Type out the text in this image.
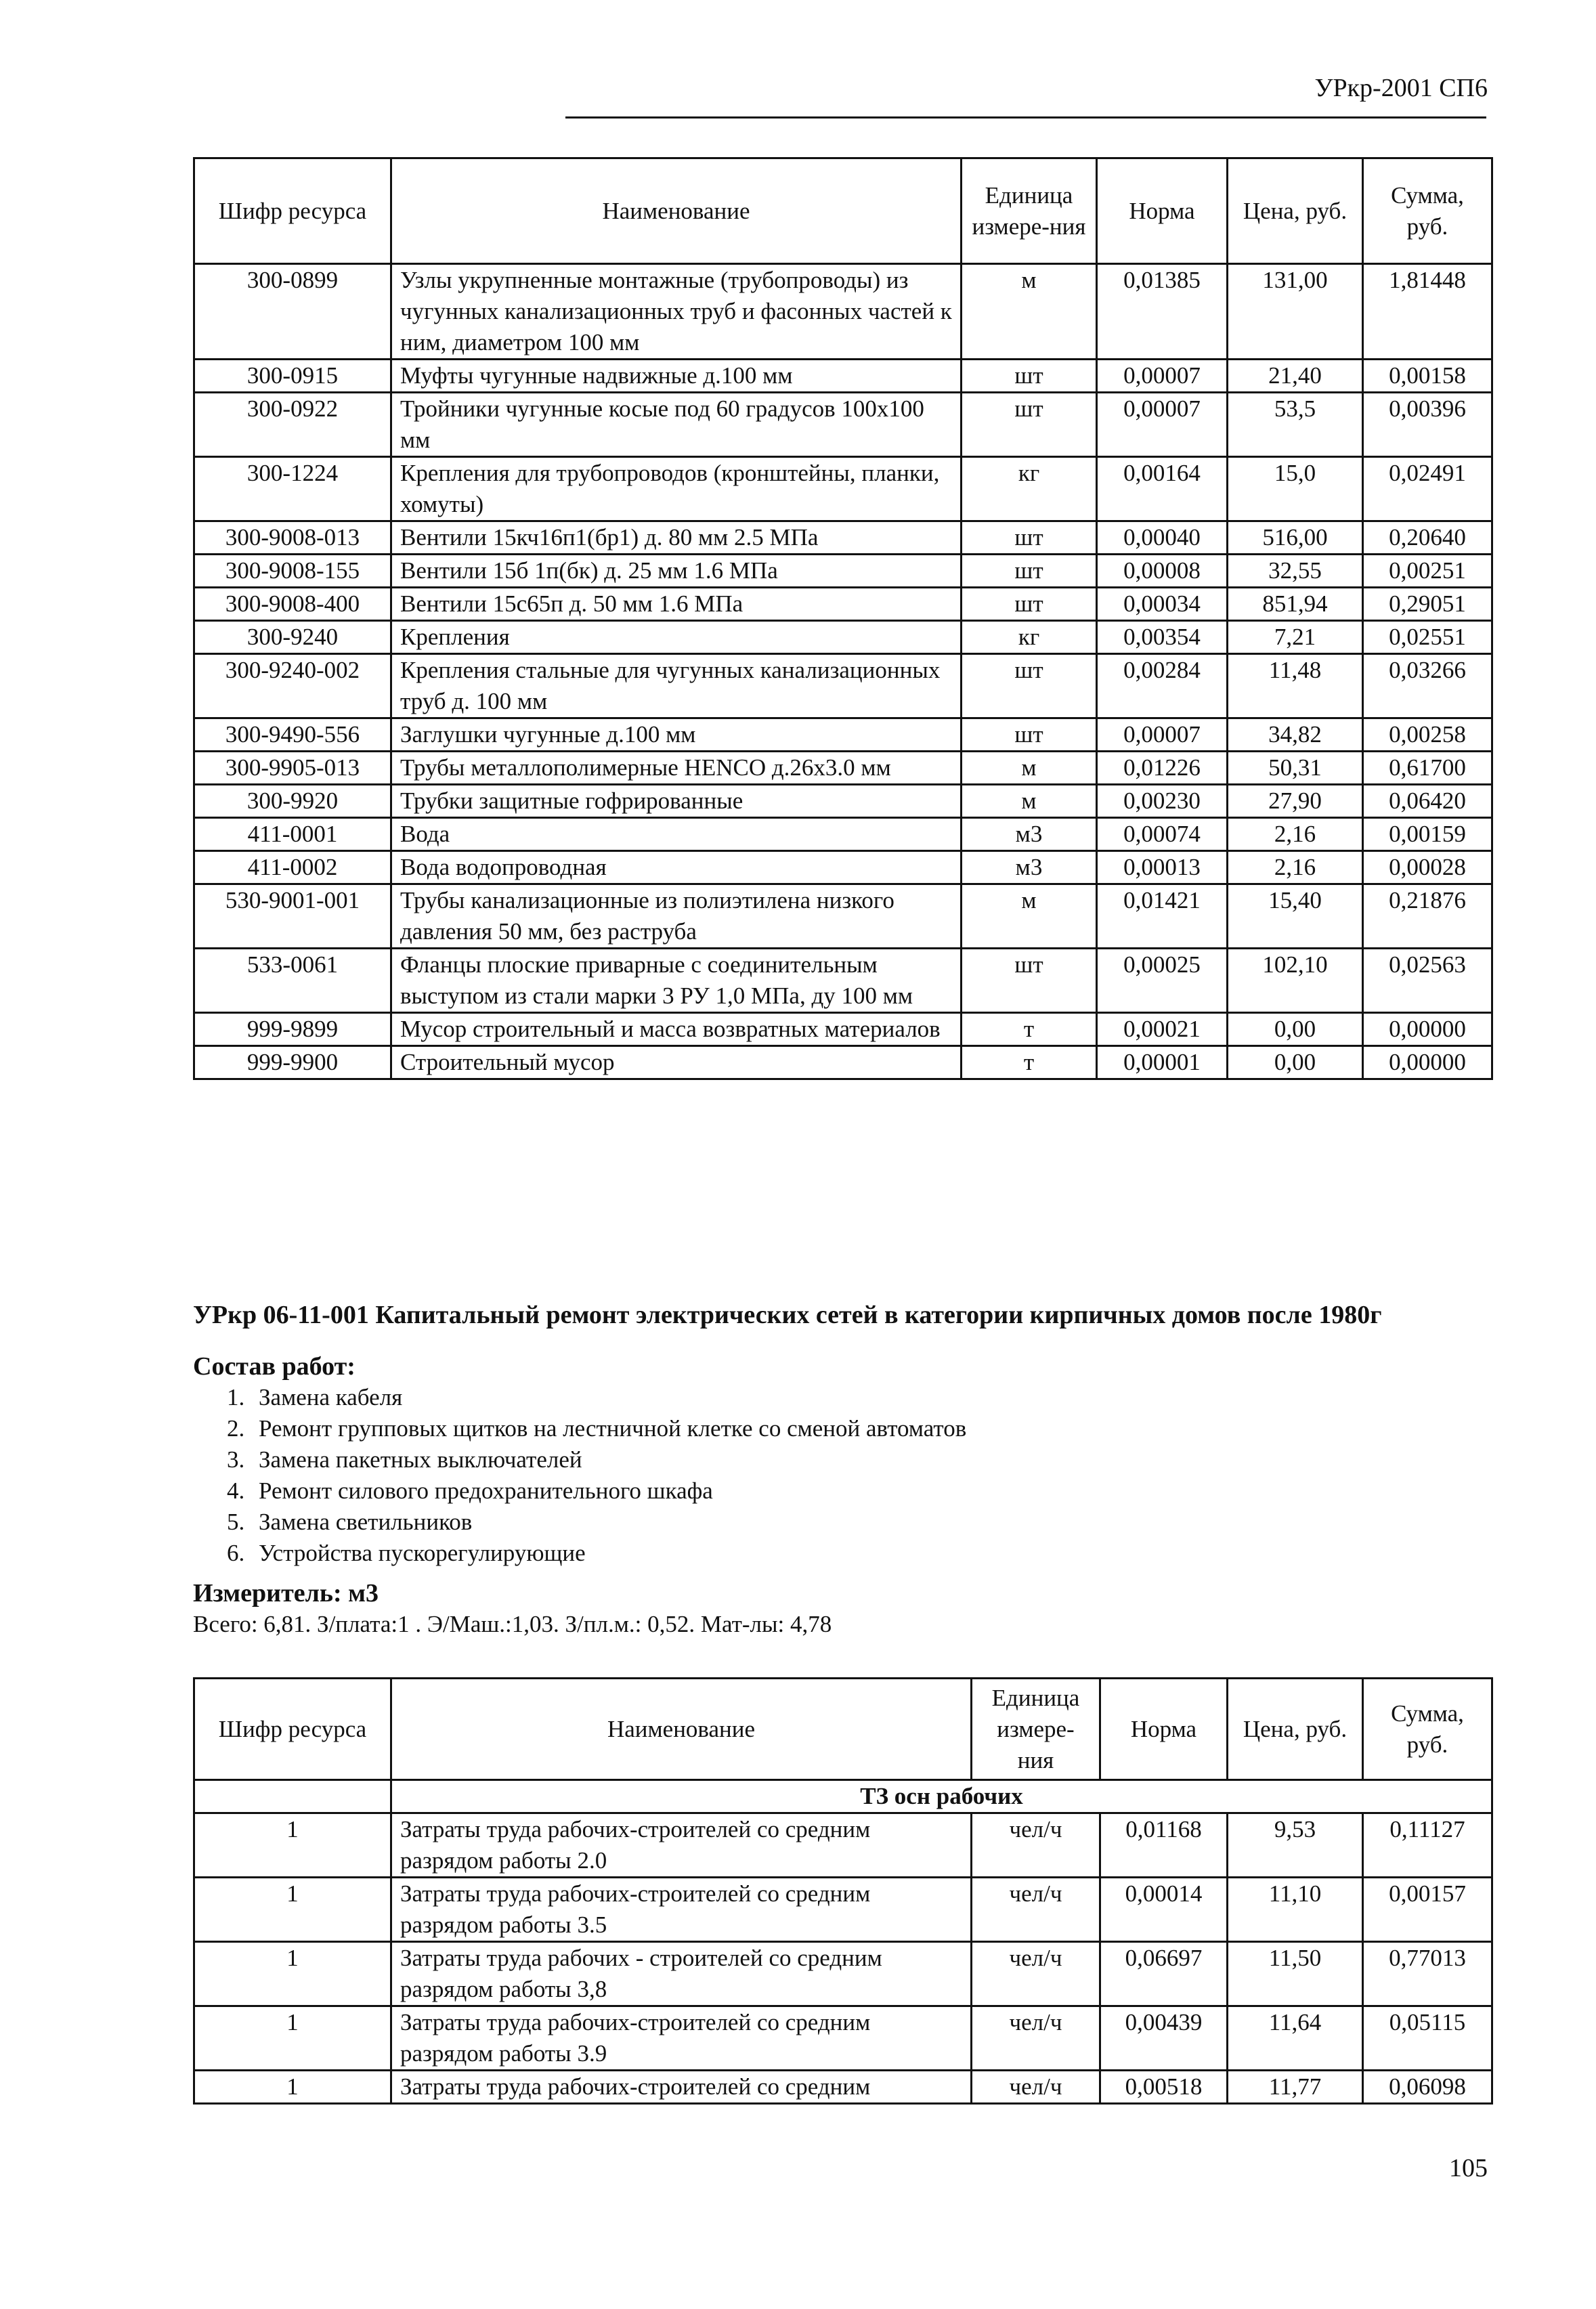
УРкр-2001 СП6
Шифр ресурса	Наименование	Единица измере-ния	Норма	Цена, руб.	Сумма, руб.
300-0899	Узлы укрупненные монтажные (трубопроводы) из чугунных канализационных труб и фасонных частей к ним, диаметром 100 мм	м	0,01385	131,00	1,81448
300-0915	Муфты чугунные надвижные д.100 мм	шт	0,00007	21,40	0,00158
300-0922	Тройники чугунные косые под 60 градусов 100х100 мм	шт	0,00007	53,5	0,00396
300-1224	Крепления для трубопроводов (кронштейны, планки, хомуты)	кг	0,00164	15,0	0,02491
300-9008-013	Вентили 15кч16п1(бр1) д. 80 мм 2.5 МПа	шт	0,00040	516,00	0,20640
300-9008-155	Вентили 15б 1п(бк) д. 25 мм 1.6 МПа	шт	0,00008	32,55	0,00251
300-9008-400	Вентили 15с65п д. 50 мм 1.6 МПа	шт	0,00034	851,94	0,29051
300-9240	Крепления	кг	0,00354	7,21	0,02551
300-9240-002	Крепления стальные для чугунных канализационных труб д. 100 мм	шт	0,00284	11,48	0,03266
300-9490-556	Заглушки чугунные д.100 мм	шт	0,00007	34,82	0,00258
300-9905-013	Трубы металлополимерные HENCO д.26х3.0 мм	м	0,01226	50,31	0,61700
300-9920	Трубки защитные гофрированные	м	0,00230	27,90	0,06420
411-0001	Вода	м3	0,00074	2,16	0,00159
411-0002	Вода водопроводная	м3	0,00013	2,16	0,00028
530-9001-001	Трубы канализационные из полиэтилена низкого давления 50 мм, без раструба	м	0,01421	15,40	0,21876
533-0061	Фланцы плоские приварные с соединительным выступом из стали марки 3 РУ 1,0 МПа, ду 100 мм	шт	0,00025	102,10	0,02563
999-9899	Мусор строительный и масса возвратных материалов	т	0,00021	0,00	0,00000
999-9900	Строительный мусор	т	0,00001	0,00	0,00000
УРкр 06-11-001 Капитальный ремонт электрических сетей в категории кирпичных домов после 1980г
Состав работ:
1. Замена кабеля
2. Ремонт групповых щитков на лестничной клетке со сменой автоматов
3. Замена пакетных выключателей
4. Ремонт силового предохранительного шкафа
5. Замена светильников
6. Устройства пускорегулирующие
Измеритель: м3
Всего: 6,81. З/плата:1 . Э/Маш.:1,03. З/пл.м.: 0,52. Мат-лы: 4,78
Шифр ресурса	Наименование	Единица измере-ния	Норма	Цена, руб.	Сумма, руб.
	ТЗ осн рабочих				
1	Затраты труда рабочих-строителей со средним разрядом работы 2.0	чел/ч	0,01168	9,53	0,11127
1	Затраты труда рабочих-строителей со средним разрядом работы 3.5	чел/ч	0,00014	11,10	0,00157
1	Затраты труда рабочих - строителей со средним разрядом работы 3,8	чел/ч	0,06697	11,50	0,77013
1	Затраты труда рабочих-строителей со средним разрядом работы 3.9	чел/ч	0,00439	11,64	0,05115
1	Затраты труда рабочих-строителей со средним	чел/ч	0,00518	11,77	0,06098
105
